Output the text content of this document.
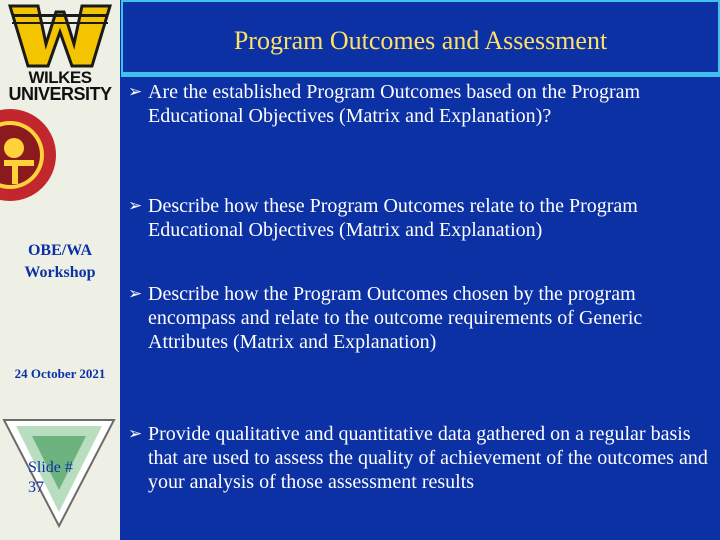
WILKES
UNIVERSITY
OBE/WA
Workshop
24 October 2021
Slide #
37
Program Outcomes and Assessment
➢ Are the established Program Outcomes based on the Program Educational Objectives (Matrix and Explanation)?
➢ Describe how these Program Outcomes relate to the Program Educational Objectives (Matrix and Explanation)
➢ Describe how the Program Outcomes chosen by the program encompass and relate to the outcome requirements of Generic Attributes (Matrix and Explanation)
➢ Provide qualitative and quantitative data gathered on a regular basis that are used to assess the quality of achievement of the outcomes and your analysis of those assessment results
